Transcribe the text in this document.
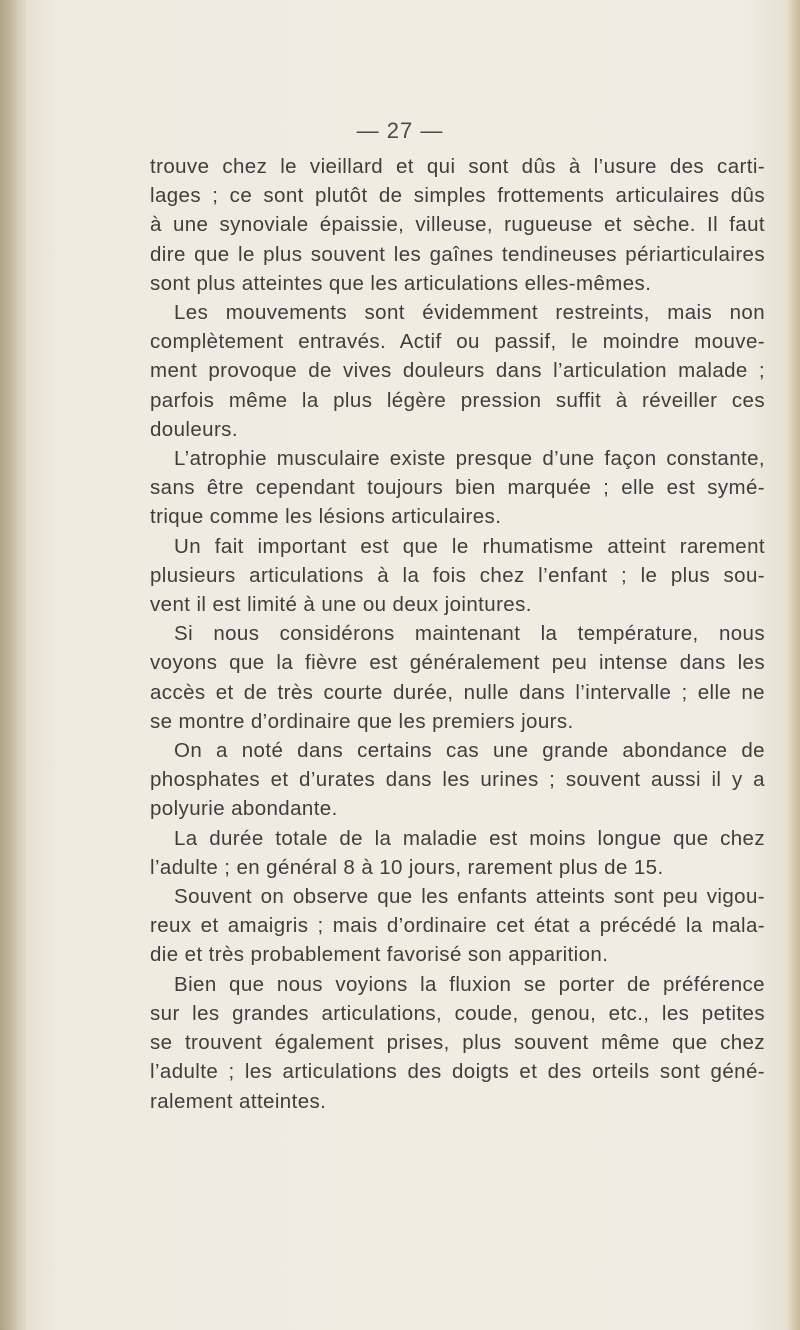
— 27 —
trouve chez le vieillard et qui sont dûs à l’usure des carti-
lages ; ce sont plutôt de simples frottements articulaires dûs
à une synoviale épaissie, villeuse, rugueuse et sèche. Il faut
dire que le plus souvent les gaînes tendineuses périarticulaires
sont plus atteintes que les articulations elles-mêmes.
Les mouvements sont évidemment restreints, mais non
complètement entravés. Actif ou passif, le moindre mouve-
ment provoque de vives douleurs dans l’articulation malade ;
parfois même la plus légère pression suffit à réveiller ces
douleurs.
L’atrophie musculaire existe presque d’une façon constante,
sans être cependant toujours bien marquée ; elle est symé-
trique comme les lésions articulaires.
Un fait important est que le rhumatisme atteint rarement
plusieurs articulations à la fois chez l’enfant ; le plus sou-
vent il est limité à une ou deux jointures.
Si nous considérons maintenant la température, nous
voyons que la fièvre est généralement peu intense dans les
accès et de très courte durée, nulle dans l’intervalle ; elle ne
se montre d’ordinaire que les premiers jours.
On a noté dans certains cas une grande abondance de
phosphates et d’urates dans les urines ; souvent aussi il y a
polyurie abondante.
La durée totale de la maladie est moins longue que chez
l’adulte ; en général 8 à 10 jours, rarement plus de 15.
Souvent on observe que les enfants atteints sont peu vigou-
reux et amaigris ; mais d’ordinaire cet état a précédé la mala-
die et très probablement favorisé son apparition.
Bien que nous voyions la fluxion se porter de préférence
sur les grandes articulations, coude, genou, etc., les petites
se trouvent également prises, plus souvent même que chez
l’adulte ; les articulations des doigts et des orteils sont géné-
ralement atteintes.
